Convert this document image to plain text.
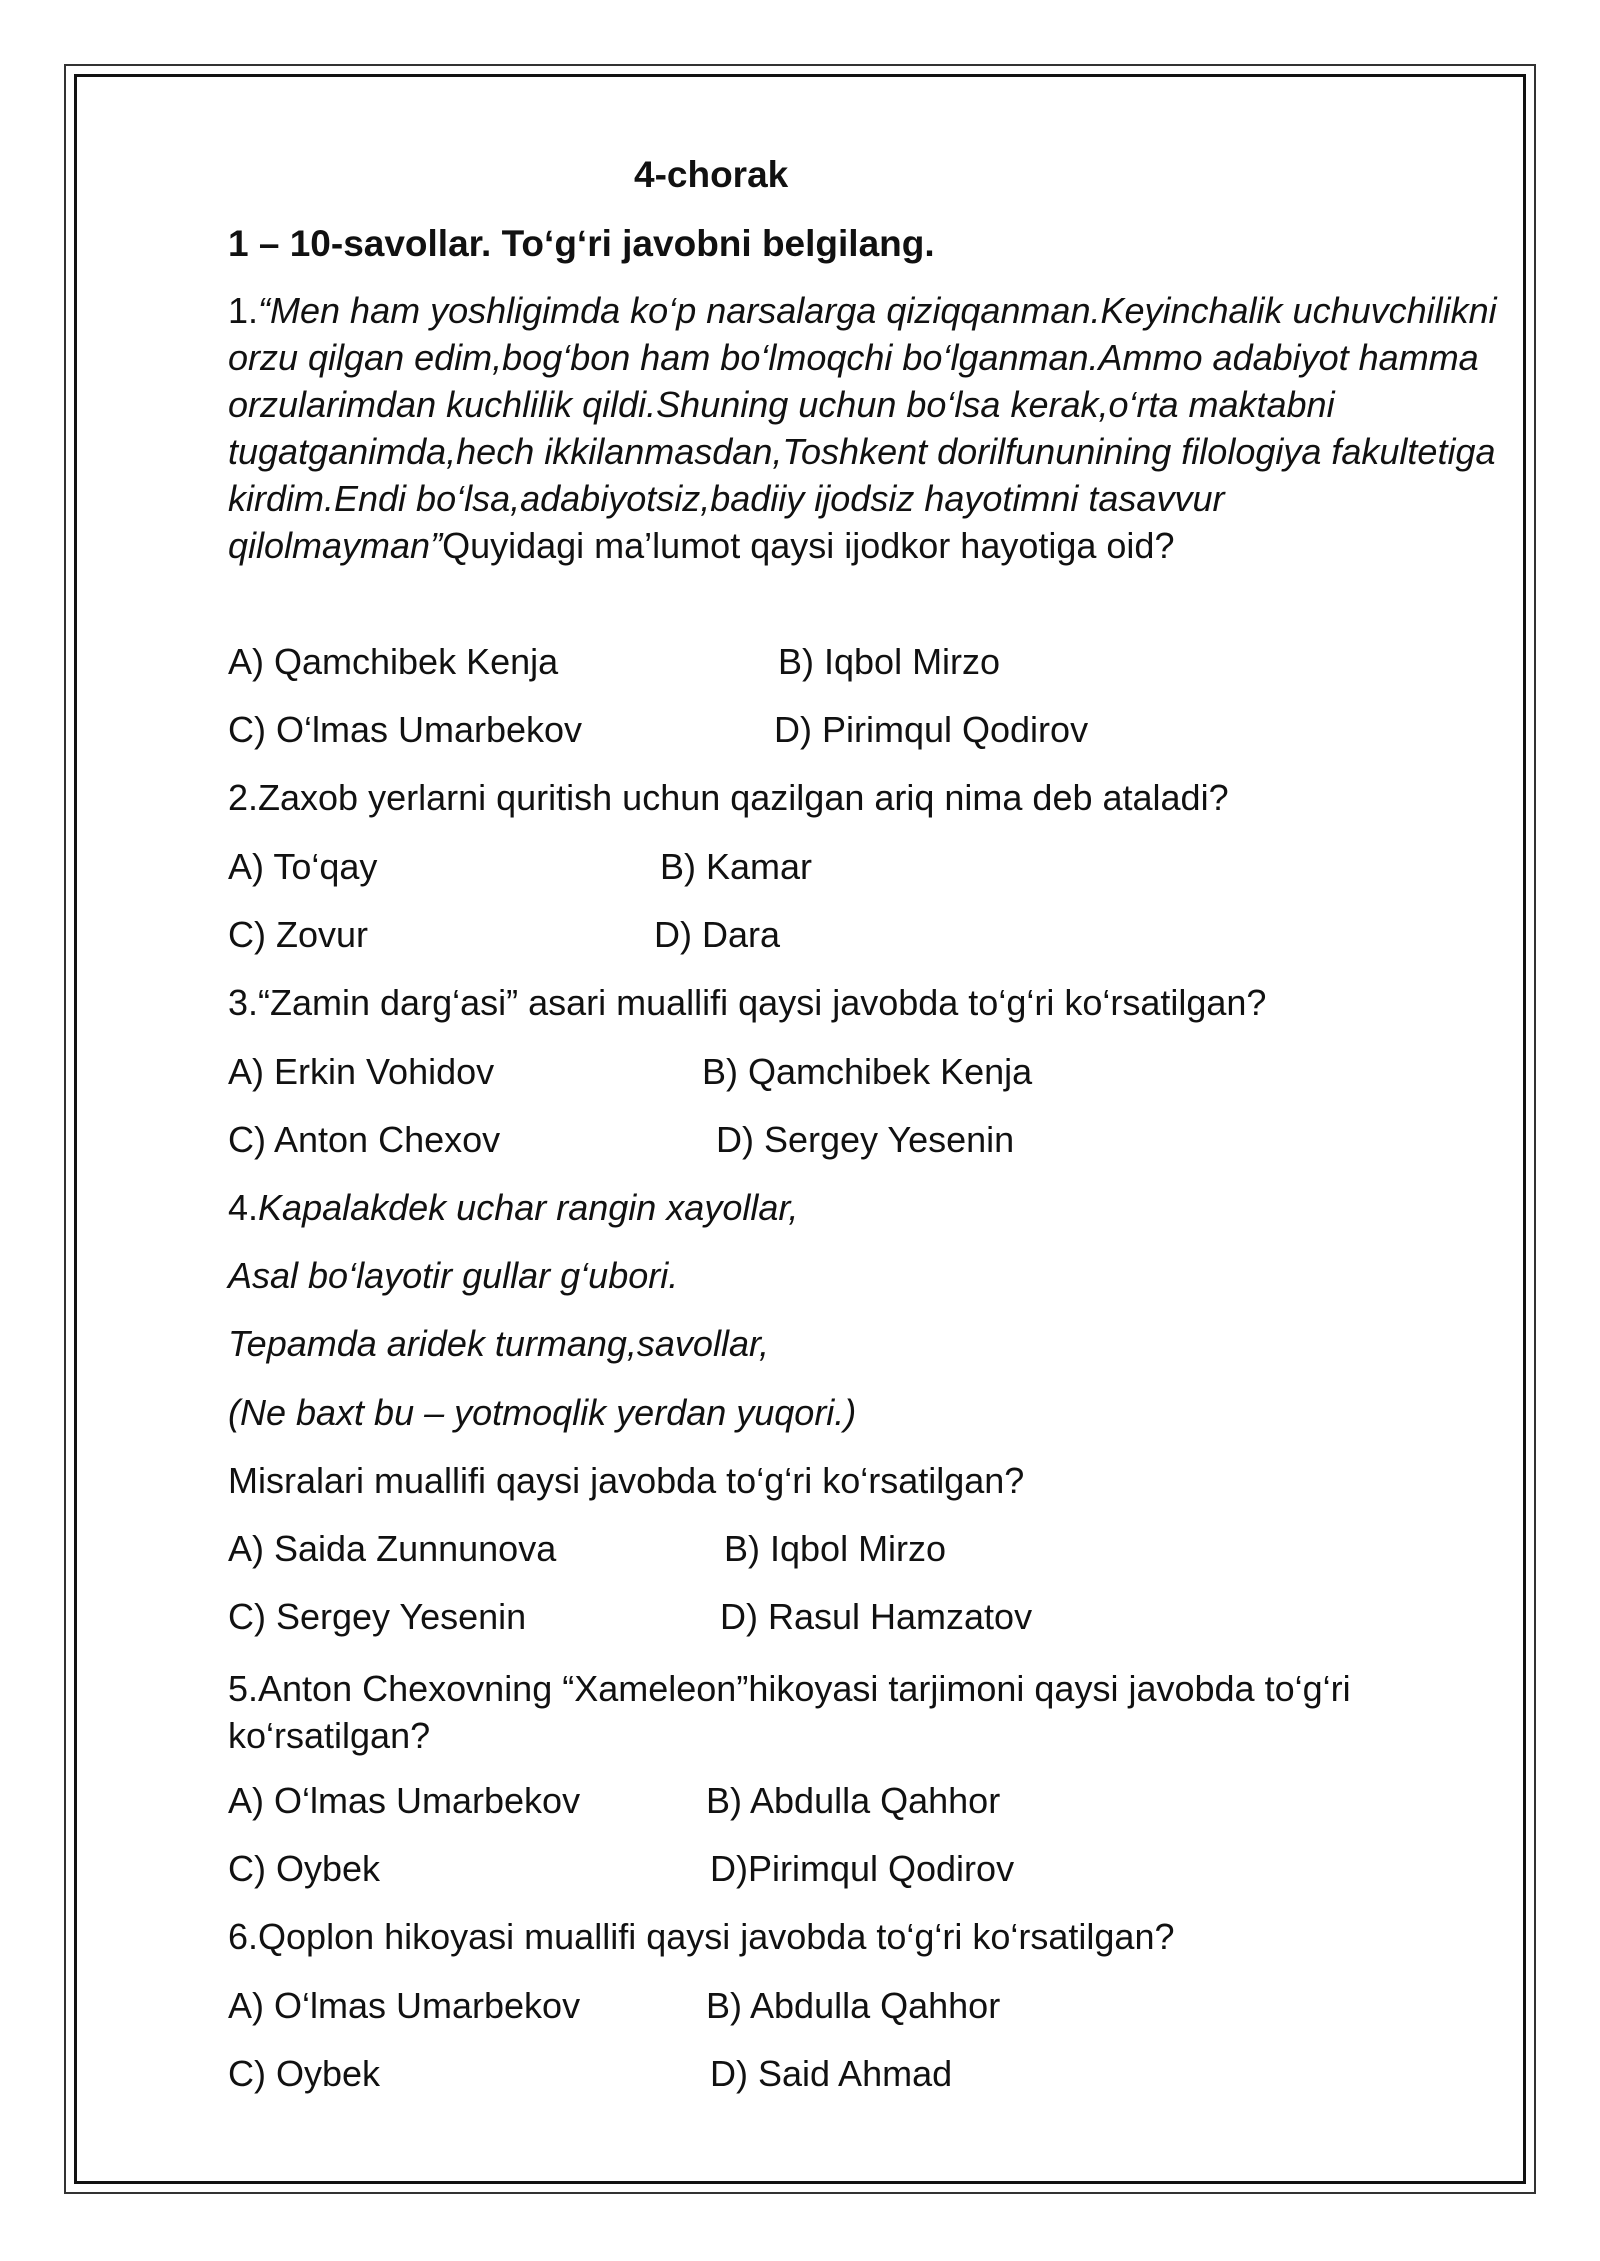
4-chorak
1 – 10-savollar. To‘g‘ri javobni belgilang.
1.“Men ham yoshligimda ko‘p narsalarga qiziqqanman.Keyinchalik uchuvchilikni orzu qilgan edim,bog‘bon ham bo‘lmoqchi bo‘lganman.Ammo adabiyot hamma orzularimdan kuchlilik qildi.Shuning uchun bo‘lsa kerak,o‘rta maktabni tugatganimda,hech ikkilanmasdan,Toshkent dorilfununining filologiya fakultetiga kirdim.Endi bo‘lsa,adabiyotsiz,badiiy ijodsiz hayotimni tasavvur qilolmayman”Quyidagi ma’lumot qaysi ijodkor hayotiga oid?
A) Qamchibek Kenja	B) Iqbol Mirzo
C) O‘lmas Umarbekov	D) Pirimqul Qodirov
2.Zaxob yerlarni quritish uchun qazilgan ariq nima deb ataladi?
A) To‘qay	B) Kamar
C) Zovur	D) Dara
3.“Zamin darg‘asi” asari muallifi qaysi javobda to‘g‘ri ko‘rsatilgan?
A) Erkin Vohidov	B) Qamchibek Kenja
C) Anton Chexov	D) Sergey Yesenin
4.Kapalakdek uchar rangin xayollar,
Asal bo‘layotir gullar g‘ubori.
Tepamda aridek turmang,savollar,
(Ne baxt bu – yotmoqlik yerdan yuqori.)
Misralari muallifi qaysi javobda to‘g‘ri ko‘rsatilgan?
A) Saida Zunnunova	B) Iqbol Mirzo
C) Sergey Yesenin	D) Rasul Hamzatov
5.Anton Chexovning “Xameleon”hikoyasi tarjimoni qaysi javobda to‘g‘ri ko‘rsatilgan?
A) O‘lmas Umarbekov	B) Abdulla Qahhor
C) Oybek	D)Pirimqul Qodirov
6.Qoplon hikoyasi muallifi qaysi javobda to‘g‘ri ko‘rsatilgan?
A) O‘lmas Umarbekov	B) Abdulla Qahhor
C) Oybek	D) Said Ahmad
